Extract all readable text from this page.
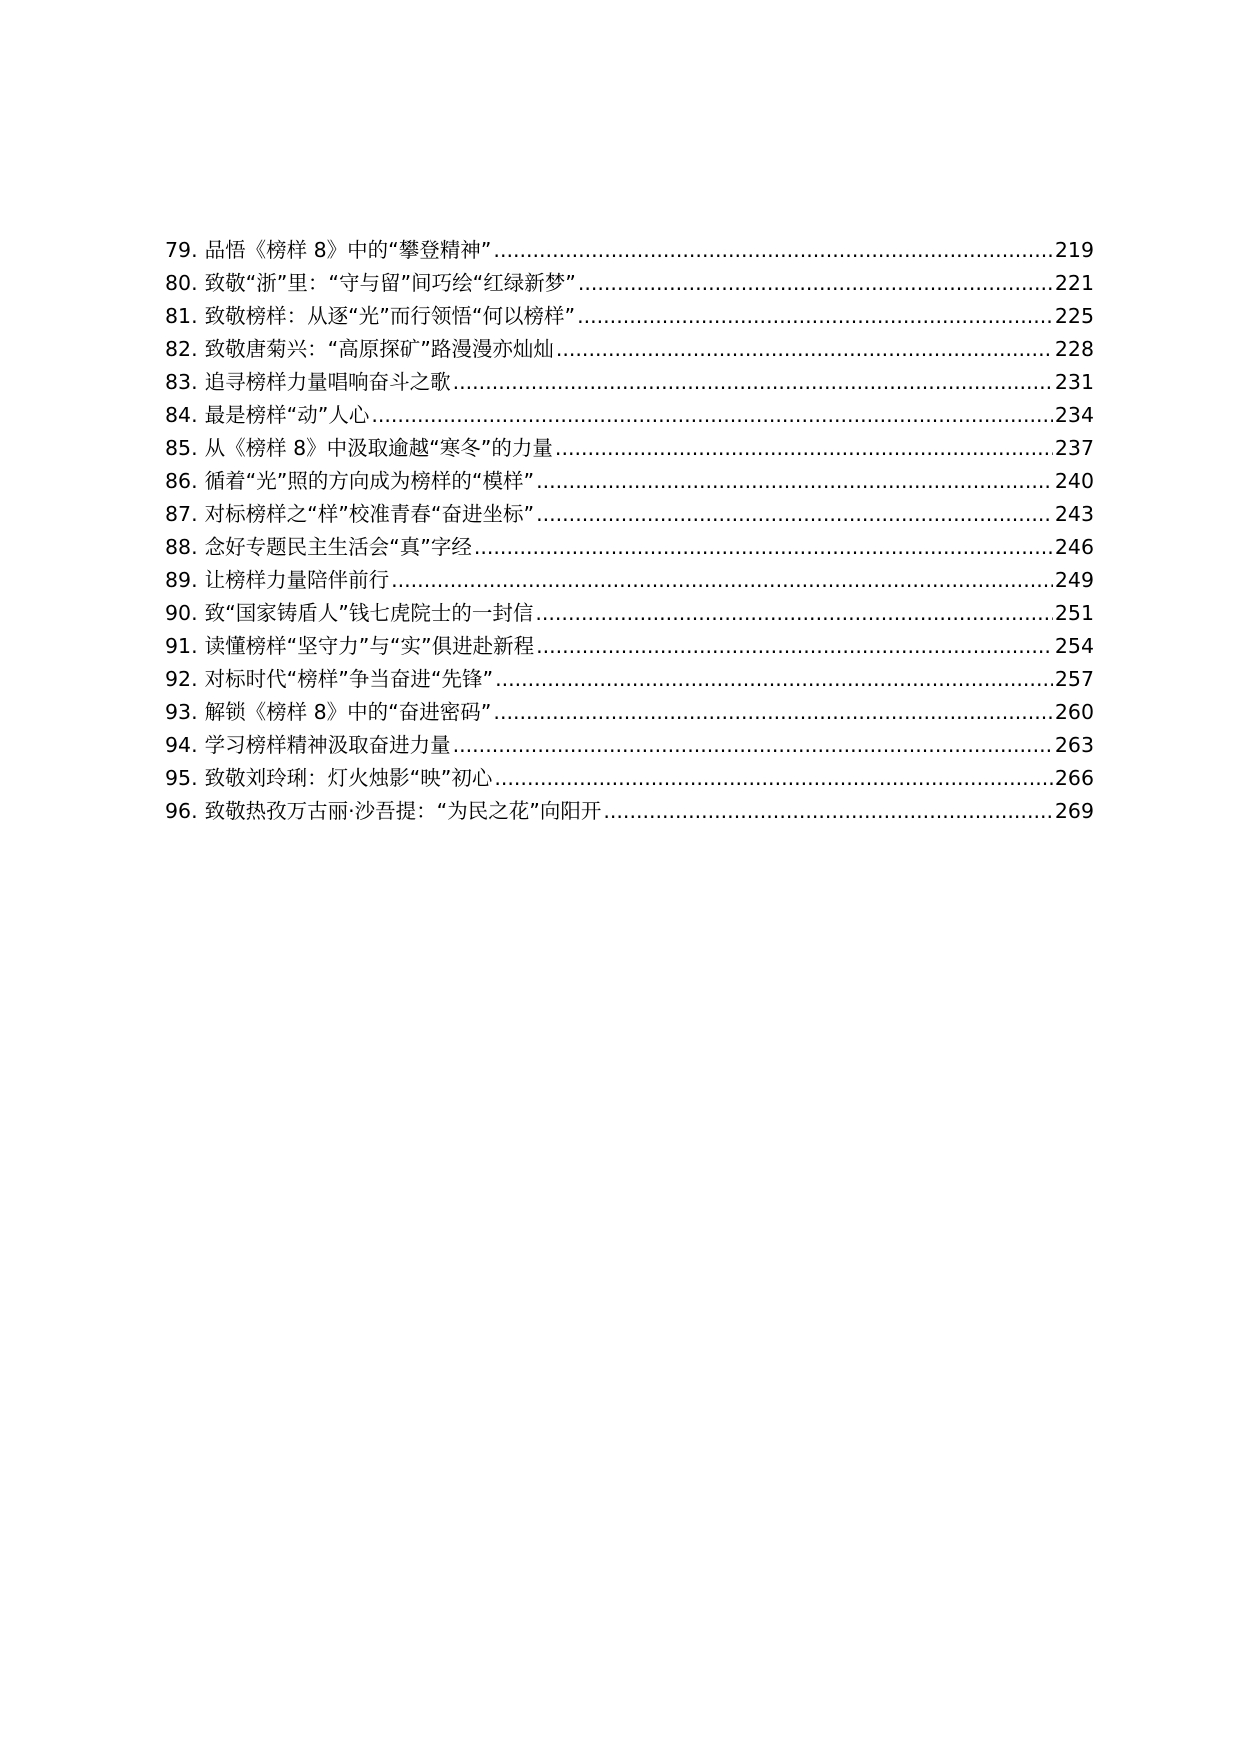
79. 品悟《榜样 8》中的“攀登精神” .....	219
80. 致敬“浙”里：“守与留”间巧绘“红绿新梦” .....	221
81. 致敬榜样：从逐“光”而行领悟“何以榜样” .....	225
82. 致敬唐菊兴：“高原探矿”路漫漫亦灿灿 .....	228
83. 追寻榜样力量唱响奋斗之歌 .....	231
84. 最是榜样“动”人心 .....	234
85. 从《榜样 8》中汲取逾越“寒冬”的力量 .....	237
86. 循着“光”照的方向成为榜样的“模样” .....	240
87. 对标榜样之“样”校准青春“奋进坐标” .....	243
88. 念好专题民主生活会“真”字经 .....	246
89. 让榜样力量陪伴前行 .....	249
90. 致“国家铸盾人”钱七虎院士的一封信 .....	251
91. 读懂榜样“坚守力”与“实”俱进赴新程 .....	254
92. 对标时代“榜样”争当奋进“先锋” .....	257
93. 解锁《榜样 8》中的“奋进密码” .....	260
94. 学习榜样精神汲取奋进力量 .....	263
95. 致敬刘玲琍：灯火烛影“映”初心 .....	266
96. 致敬热孜万古丽·沙吾提：“为民之花”向阳开 .....	269
